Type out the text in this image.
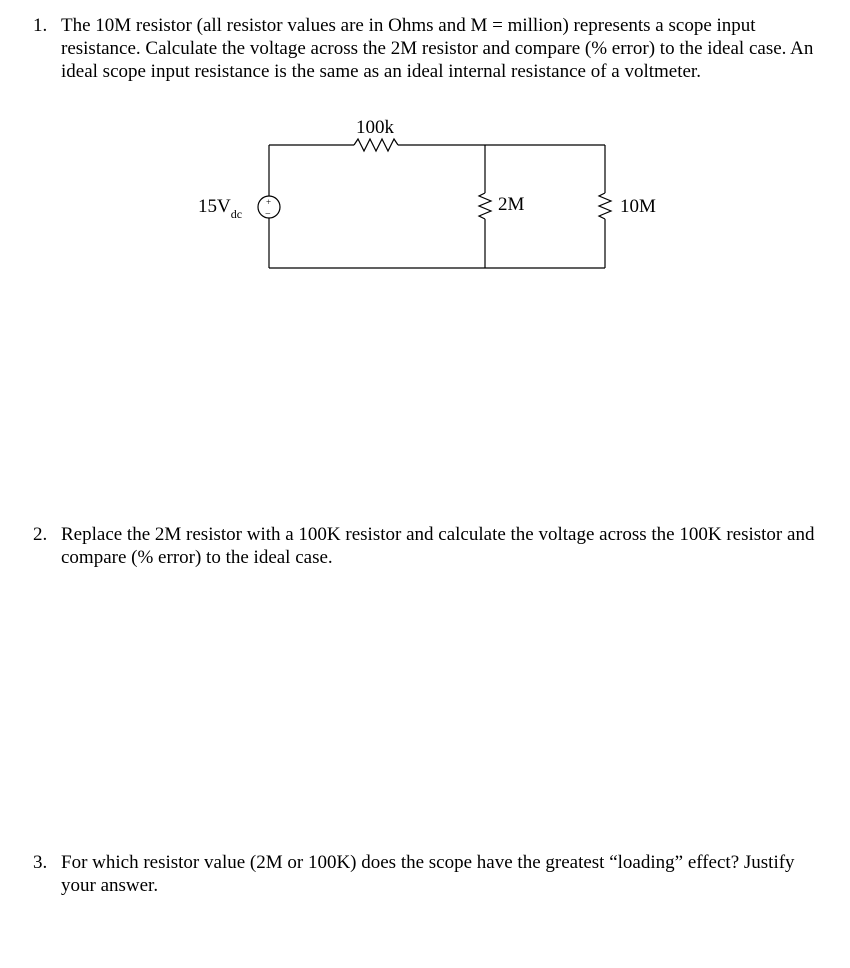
1. The 10M resistor (all resistor values are in Ohms and M = million) represents a scope input resistance. Calculate the voltage across the 2M resistor and compare (% error) to the ideal case. An ideal scope input resistance is the same as an ideal internal resistance of a voltmeter.
+
−
100k
2M	10M
$15V_{dc}$
2. Replace the 2M resistor with a 100K resistor and calculate the voltage across the 100K resistor and compare (% error) to the ideal case.
3. For which resistor value (2M or 100K) does the scope have the greatest “loading” effect? Justify your answer.
